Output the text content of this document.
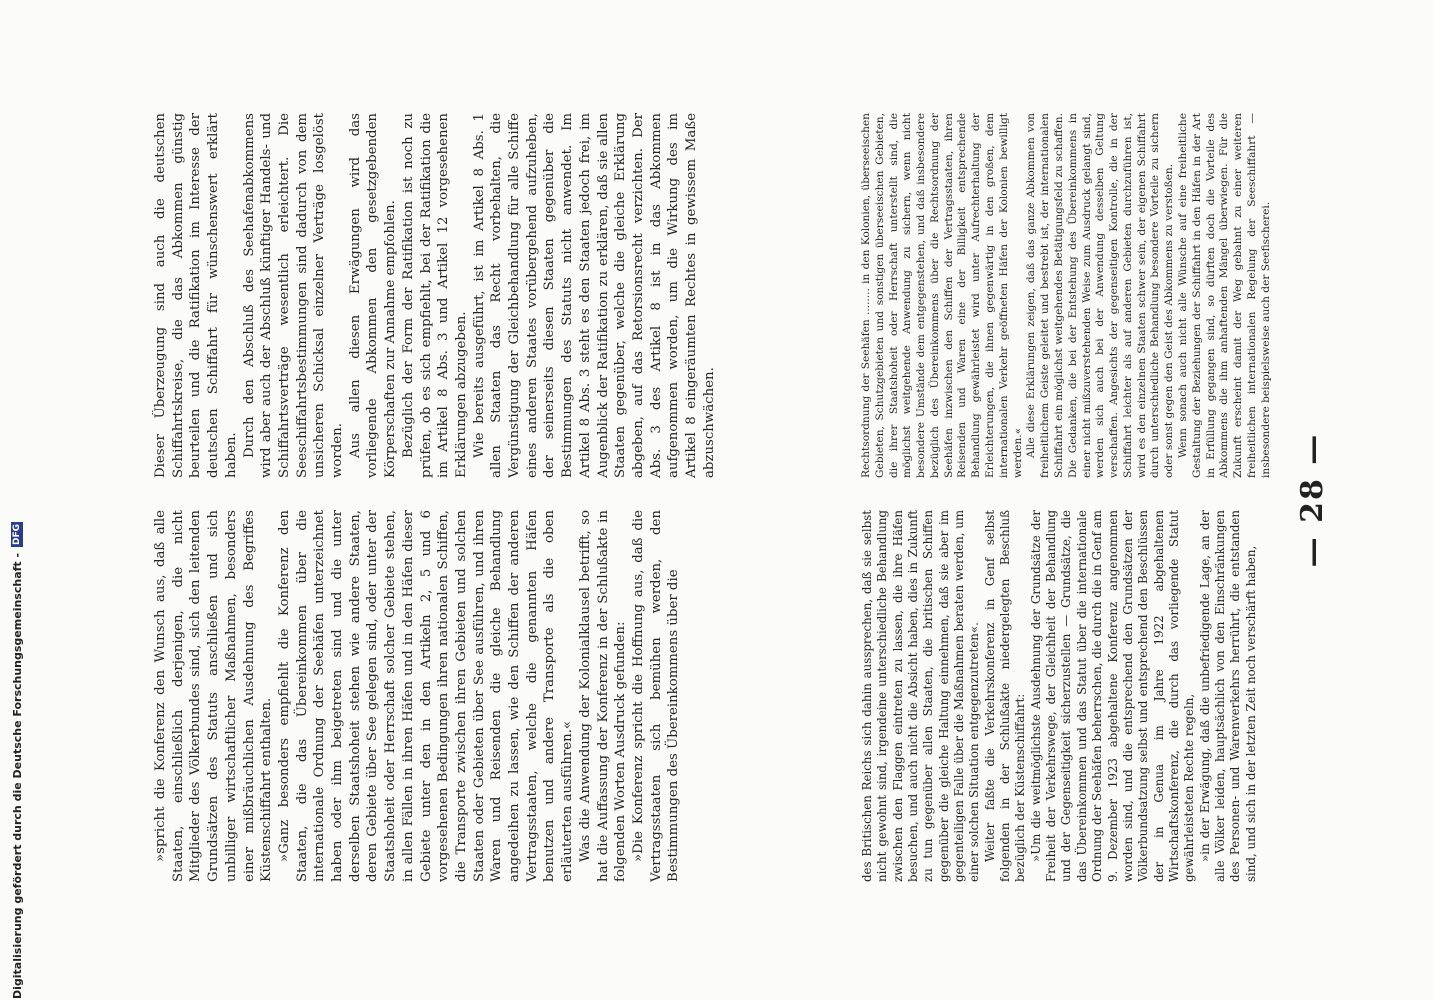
— 28 —

des Britischen Reichs sich dahin aussprechen, daß sie selbst nicht gewohnt sind, irgendeine unterschiedliche Behandlung zwischen den Flaggen eintreten zu lassen, die ihre Häfen besuchen, und auch nicht die Absicht haben, dies in Zukunft zu tun gegenüber allen Staaten, die britischen Schiffen gegenüber die gleiche Haltung einnehmen, daß sie aber im gegenteiligen Falle über die Maßnahmen beraten werden, um einer solchen Situation entgegenzutreten«. Weiter faßte die Verkehrskonferenz in Genf selbst folgenden in der Schlußakte niedergelegten Beschluß bezüglich der Küstenschiffahrt: »Um die weitmöglichste Ausdehnung der Grundsätze der Freiheit der Verkehrswege, der Gleichheit der Behandlung und der Gegenseitigkeit sicherzustellen — Grundsätze, die das Übereinkommen und das Statut über die internationale Ordnung der Seehäfen beherrschen, die durch die in Genf am 9. Dezember 1923 abgehaltene Konferenz angenommen worden sind, und die entsprechend den Grundsätzen der Völkerbundsatzung selbst und entsprechend den Beschlüssen der in Genua im Jahre 1922 abgehaltenen Wirtschaftskonferenz, die durch das vorliegende Statut gewährleisteten Rechte regeln, »in der Erwägung, daß die unbefriedigende Lage, an der alle Völker leiden, hauptsächlich von den Einschränkungen des Personen- und Warenverkehrs herrührt, die entstanden sind, und sich in der letzten Zeit noch verschärft haben,

Rechtsordnung der Seehäfen ........ in den Kolonien, überseeischen Gebieten, Schutzgebieten und sonstigen überseeischen Gebieten, die ihrer Staatshoheit oder Herrschaft unterstellt sind, die möglichst weitgehende Anwendung zu sichern, wenn nicht besondere Umstände dem entgegenstehen, und daß insbesondere bezüglich des Übereinkommens über die Rechtsordnung der Seehäfen inzwischen den Schiffen der Vertragsstaaten, ihren Reisenden und Waren eine der Billigkeit entsprechende Behandlung gewährleistet wird unter Aufrechterhaltung der Erleichterungen, die ihnen gegenwärtig in den großen, dem internationalen Verkehr geöffneten Häfen der Kolonien bewilligt werden.« Alle diese Erklärungen zeigen, daß das ganze Abkommen von freiheitlichem Geiste geleitet und bestrebt ist, der internationalen Schiffahrt ein möglichst weitgehendes Betätigungsfeld zu schaffen. Die Gedanken, die bei der Entstehung des Übereinkommens in einer nicht mißzuverstehenden Weise zum Ausdruck gelangt sind, werden sich auch bei der Anwendung desselben Geltung verschaffen. Angesichts der gegenseitigen Kontrolle, die in der Schiffahrt leichter als auf anderen Gebieten durchzuführen ist, wird es den einzelnen Staaten schwer sein, der eigenen Schiffahrt durch unterschiedliche Behandlung besondere Vorteile zu sichern oder sonst gegen den Geist des Abkommens zu verstoßen. Wenn sonach auch nicht alle Wünsche auf eine freiheitliche Gestaltung der Beziehungen der Schiffahrt in den Häfen in der Art in Erfüllung gegangen sind, so dürften doch die Vorteile des Abkommens die ihm anhaftenden Mängel überwiegen. Für die Zukunft erscheint damit der Weg gebahnt zu einer weiteren freiheitlichen internationalen Regelung der Seeschiffahrt — insbesondere beispielsweise auch der Seefischerei.

»spricht die Konferenz den Wunsch aus, daß alle Staaten, einschließlich derjenigen, die nicht Mitglieder des Völkerbundes sind, sich den leitenden Grundsätzen des Statuts anschließen und sich unbilliger wirtschaftlicher Maßnahmen, besonders einer mißbräuchlichen Ausdehnung des Begriffes Küstenschiffahrt enthalten. »Ganz besonders empfiehlt die Konferenz den Staaten, die das Übereinkommen über die internationale Ordnung der Seehäfen unterzeichnet haben oder ihm beigetreten sind und die unter derselben Staatshoheit stehen wie andere Staaten, deren Gebiete über See gelegen sind, oder unter der Staatshoheit oder Herrschaft solcher Gebiete stehen, in allen Fällen in ihren Häfen und in den Häfen dieser Gebiete unter den in den Artikeln 2, 5 und 6 vorgesehenen Bedingungen ihren nationalen Schiffen, die Transporte zwischen ihren Gebieten und solchen Staaten oder Gebieten über See ausführen, und ihren Waren und Reisenden die gleiche Behandlung angedeihen zu lassen, wie den Schiffen der anderen Vertragsstaaten, welche die genannten Häfen benutzen und andere Transporte als die oben erläuterten ausführen.« Was die Anwendung der Kolonialklausel betrifft, so hat die Auffassung der Konferenz in der Schlußakte in folgenden Worten Ausdruck gefunden: »Die Konferenz spricht die Hoffnung aus, daß die Vertragsstaaten sich bemühen werden, den Bestimmungen des Übereinkommens über die

Dieser Überzeugung sind auch die deutschen Schiffahrtskreise, die das Abkommen günstig beurteilen und die Ratifikation im Interesse der deutschen Schiffahrt für wünschenswert erklärt haben. Durch den Abschluß des Seehafenabkommens wird aber auch der Abschluß künftiger Handels- und Schiffahrtsverträge wesentlich erleichtert. Die Seeschiffahrtsbestimmungen sind dadurch von dem unsicheren Schicksal einzelner Verträge losgelöst worden. Aus allen diesen Erwägungen wird das vorliegende Abkommen den gesetzgebenden Körperschaften zur Annahme empfohlen. Bezüglich der Form der Ratifikation ist noch zu prüfen, ob es sich empfiehlt, bei der Ratifikation die im Artikel 8 Abs. 3 und Artikel 12 vorgesehenen Erklärungen abzugeben. Wie bereits ausgeführt, ist im Artikel 8 Abs. 1 allen Staaten das Recht vorbehalten, die Vergünstigung der Gleichbehandlung für alle Schiffe eines anderen Staates vorübergehend aufzuheben, der seinerseits diesen Staaten gegenüber die Bestimmungen des Statuts nicht anwendet. Im Artikel 8 Abs. 3 steht es den Staaten jedoch frei, im Augenblick der Ratifikation zu erklären, daß sie allen Staaten gegenüber, welche die gleiche Erklärung abgeben, auf das Retorsionsrecht verzichten. Der Abs. 3 des Artikel 8 ist in das Abkommen aufgenommen worden, um die Wirkung des im Artikel 8 eingeräumten Rechtes in gewissem Maße abzuschwächen.

Digitalisierung gefördert durch die Deutsche Forschungsgemeinschaft -
DFG
